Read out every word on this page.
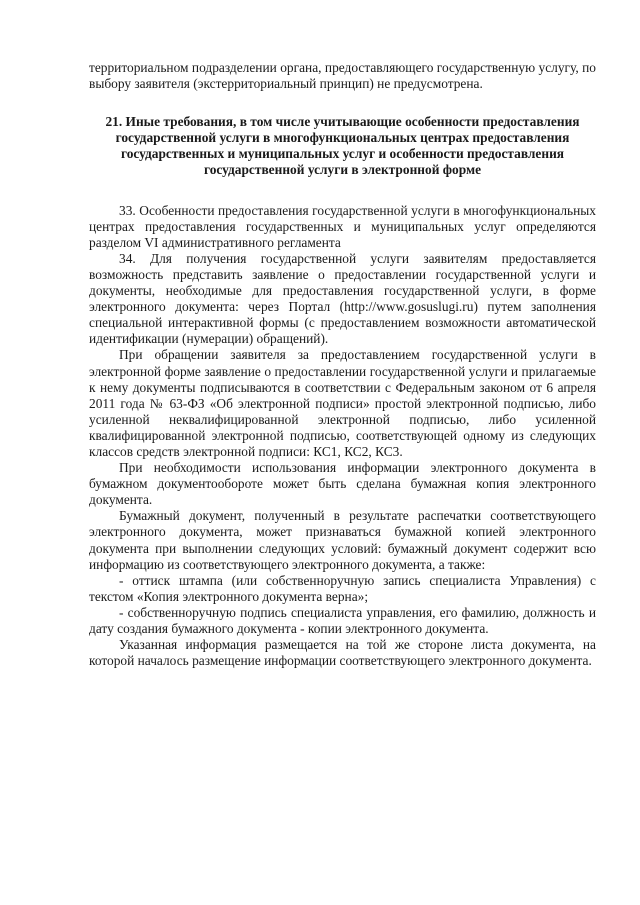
территориальном подразделении органа, предоставляющего государственную услугу, по выбору заявителя (экстерриториальный принцип) не предусмотрена.

21. Иные требования, в том числе учитывающие особенности предоставления государственной услуги в многофункциональных центрах предоставления государственных и муниципальных услуг и особенности предоставления государственной услуги в электронной форме

33. Особенности предоставления государственной услуги в многофункциональных центрах предоставления государственных и муниципальных услуг определяются разделом VI административного регламента

34. Для получения государственной услуги заявителям предоставляется возможность представить заявление о предоставлении государственной услуги и документы, необходимые для предоставления государственной услуги, в форме электронного документа: через Портал (http://www.gosuslugi.ru) путем заполнения специальной интерактивной формы (с предоставлением возможности автоматической идентификации (нумерации) обращений).

При обращении заявителя за предоставлением государственной услуги в электронной форме заявление о предоставлении государственной услуги и прилагаемые к нему документы подписываются в соответствии с Федеральным законом от 6 апреля 2011 года № 63-ФЗ «Об электронной подписи» простой электронной подписью, либо усиленной неквалифицированной электронной подписью, либо усиленной квалифицированной электронной подписью, соответствующей одному из следующих классов средств электронной подписи: КС1, КС2, КС3.

При необходимости использования информации электронного документа в бумажном документообороте может быть сделана бумажная копия электронного документа.

Бумажный документ, полученный в результате распечатки соответствующего электронного документа, может признаваться бумажной копией электронного документа при выполнении следующих условий: бумажный документ содержит всю информацию из соответствующего электронного документа, а также:

- оттиск штампа (или собственноручную запись специалиста Управления) с текстом «Копия электронного документа верна»;

- собственноручную подпись специалиста управления, его фамилию, должность и дату создания бумажного документа - копии электронного документа.

Указанная информация размещается на той же стороне листа документа, на которой началось размещение информации соответствующего электронного документа.
